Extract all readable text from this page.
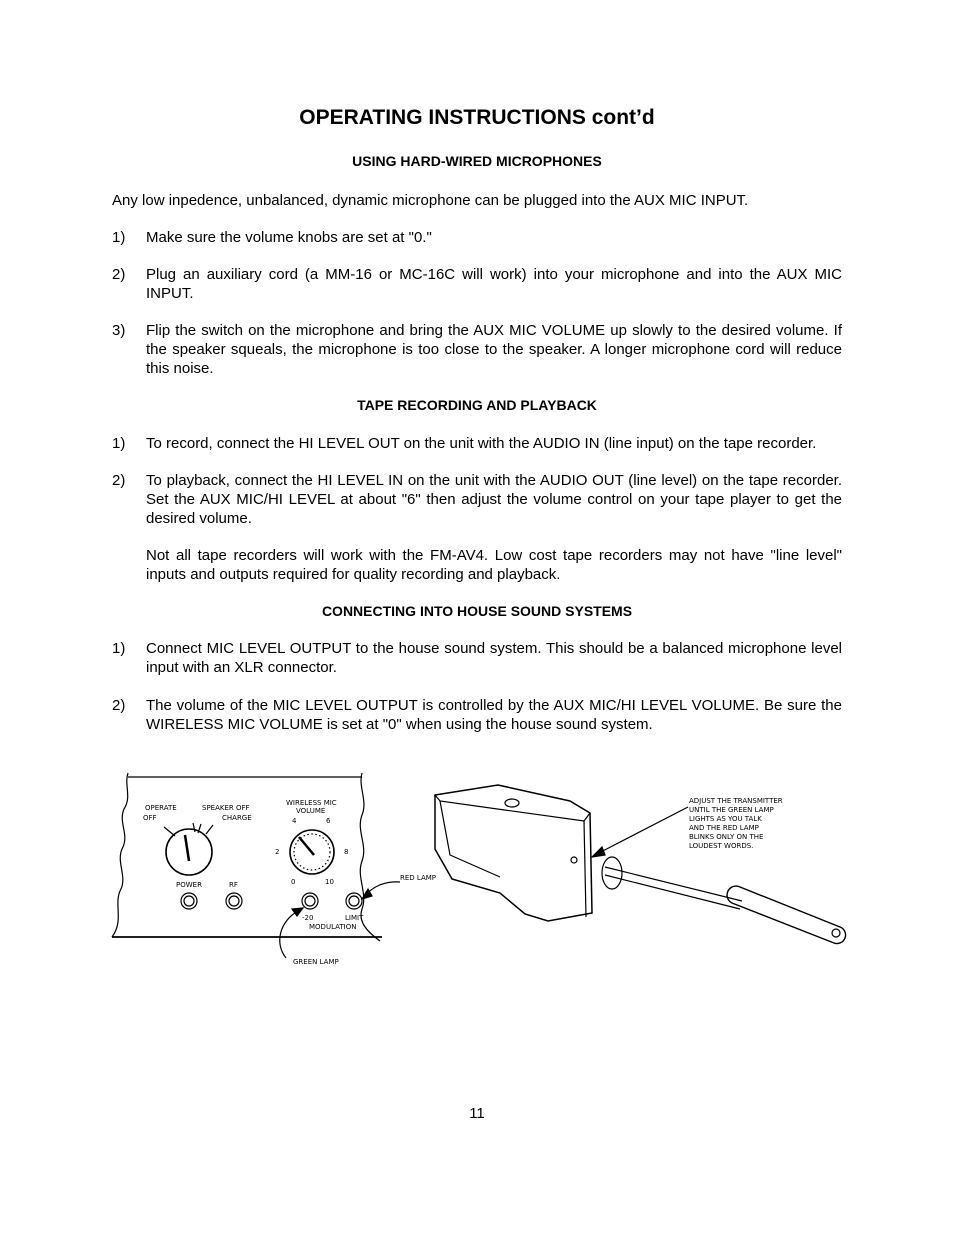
OPERATING INSTRUCTIONS cont’d
USING HARD-WIRED MICROPHONES

Any low inpedence, unbalanced, dynamic microphone can be plugged into the AUX MIC INPUT.

1) Make sure the volume knobs are set at "0."
2) Plug an auxiliary cord (a MM-16 or MC-16C will work) into your microphone and into the AUX MIC INPUT.
3) Flip the switch on the microphone and bring the AUX MIC VOLUME up slowly to the desired volume. If the speaker squeals, the microphone is too close to the speaker. A longer microphone cord will reduce this noise.
TAPE RECORDING AND PLAYBACK
1) To record, connect the HI LEVEL OUT on the unit with the AUDIO IN (line input) on the tape recorder.
2) To playback, connect the HI LEVEL IN on the unit with the AUDIO OUT (line level) on the tape recorder. Set the AUX MIC/HI LEVEL at about "6" then adjust the volume control on your tape player to get the desired volume.
Not all tape recorders will work with the FM-AV4. Low cost tape recorders may not have "line level" inputs and outputs required for quality recording and playback.
CONNECTING INTO HOUSE SOUND SYSTEMS
1) Connect MIC LEVEL OUTPUT to the house sound system. This should be a balanced microphone level input with an XLR connector.
2) The volume of the MIC LEVEL OUTPUT is controlled by the AUX MIC/HI LEVEL VOLUME. Be sure the WIRELESS MIC VOLUME is set at "0" when using the house sound system.
OPERATE
OFF
SPEAKER OFF
CHARGE
POWER	RF
WIRELESS MIC
VOLUME
4	6
2	8
0	10
-20	LIMIT
MODULATION
RED LAMP
GREEN LAMP
ADJUST THE TRANSMITTER
UNTIL THE GREEN LAMP
LIGHTS AS YOU TALK
AND THE RED LAMP
BLINKS ONLY ON THE
LOUDEST WORDS.
11
